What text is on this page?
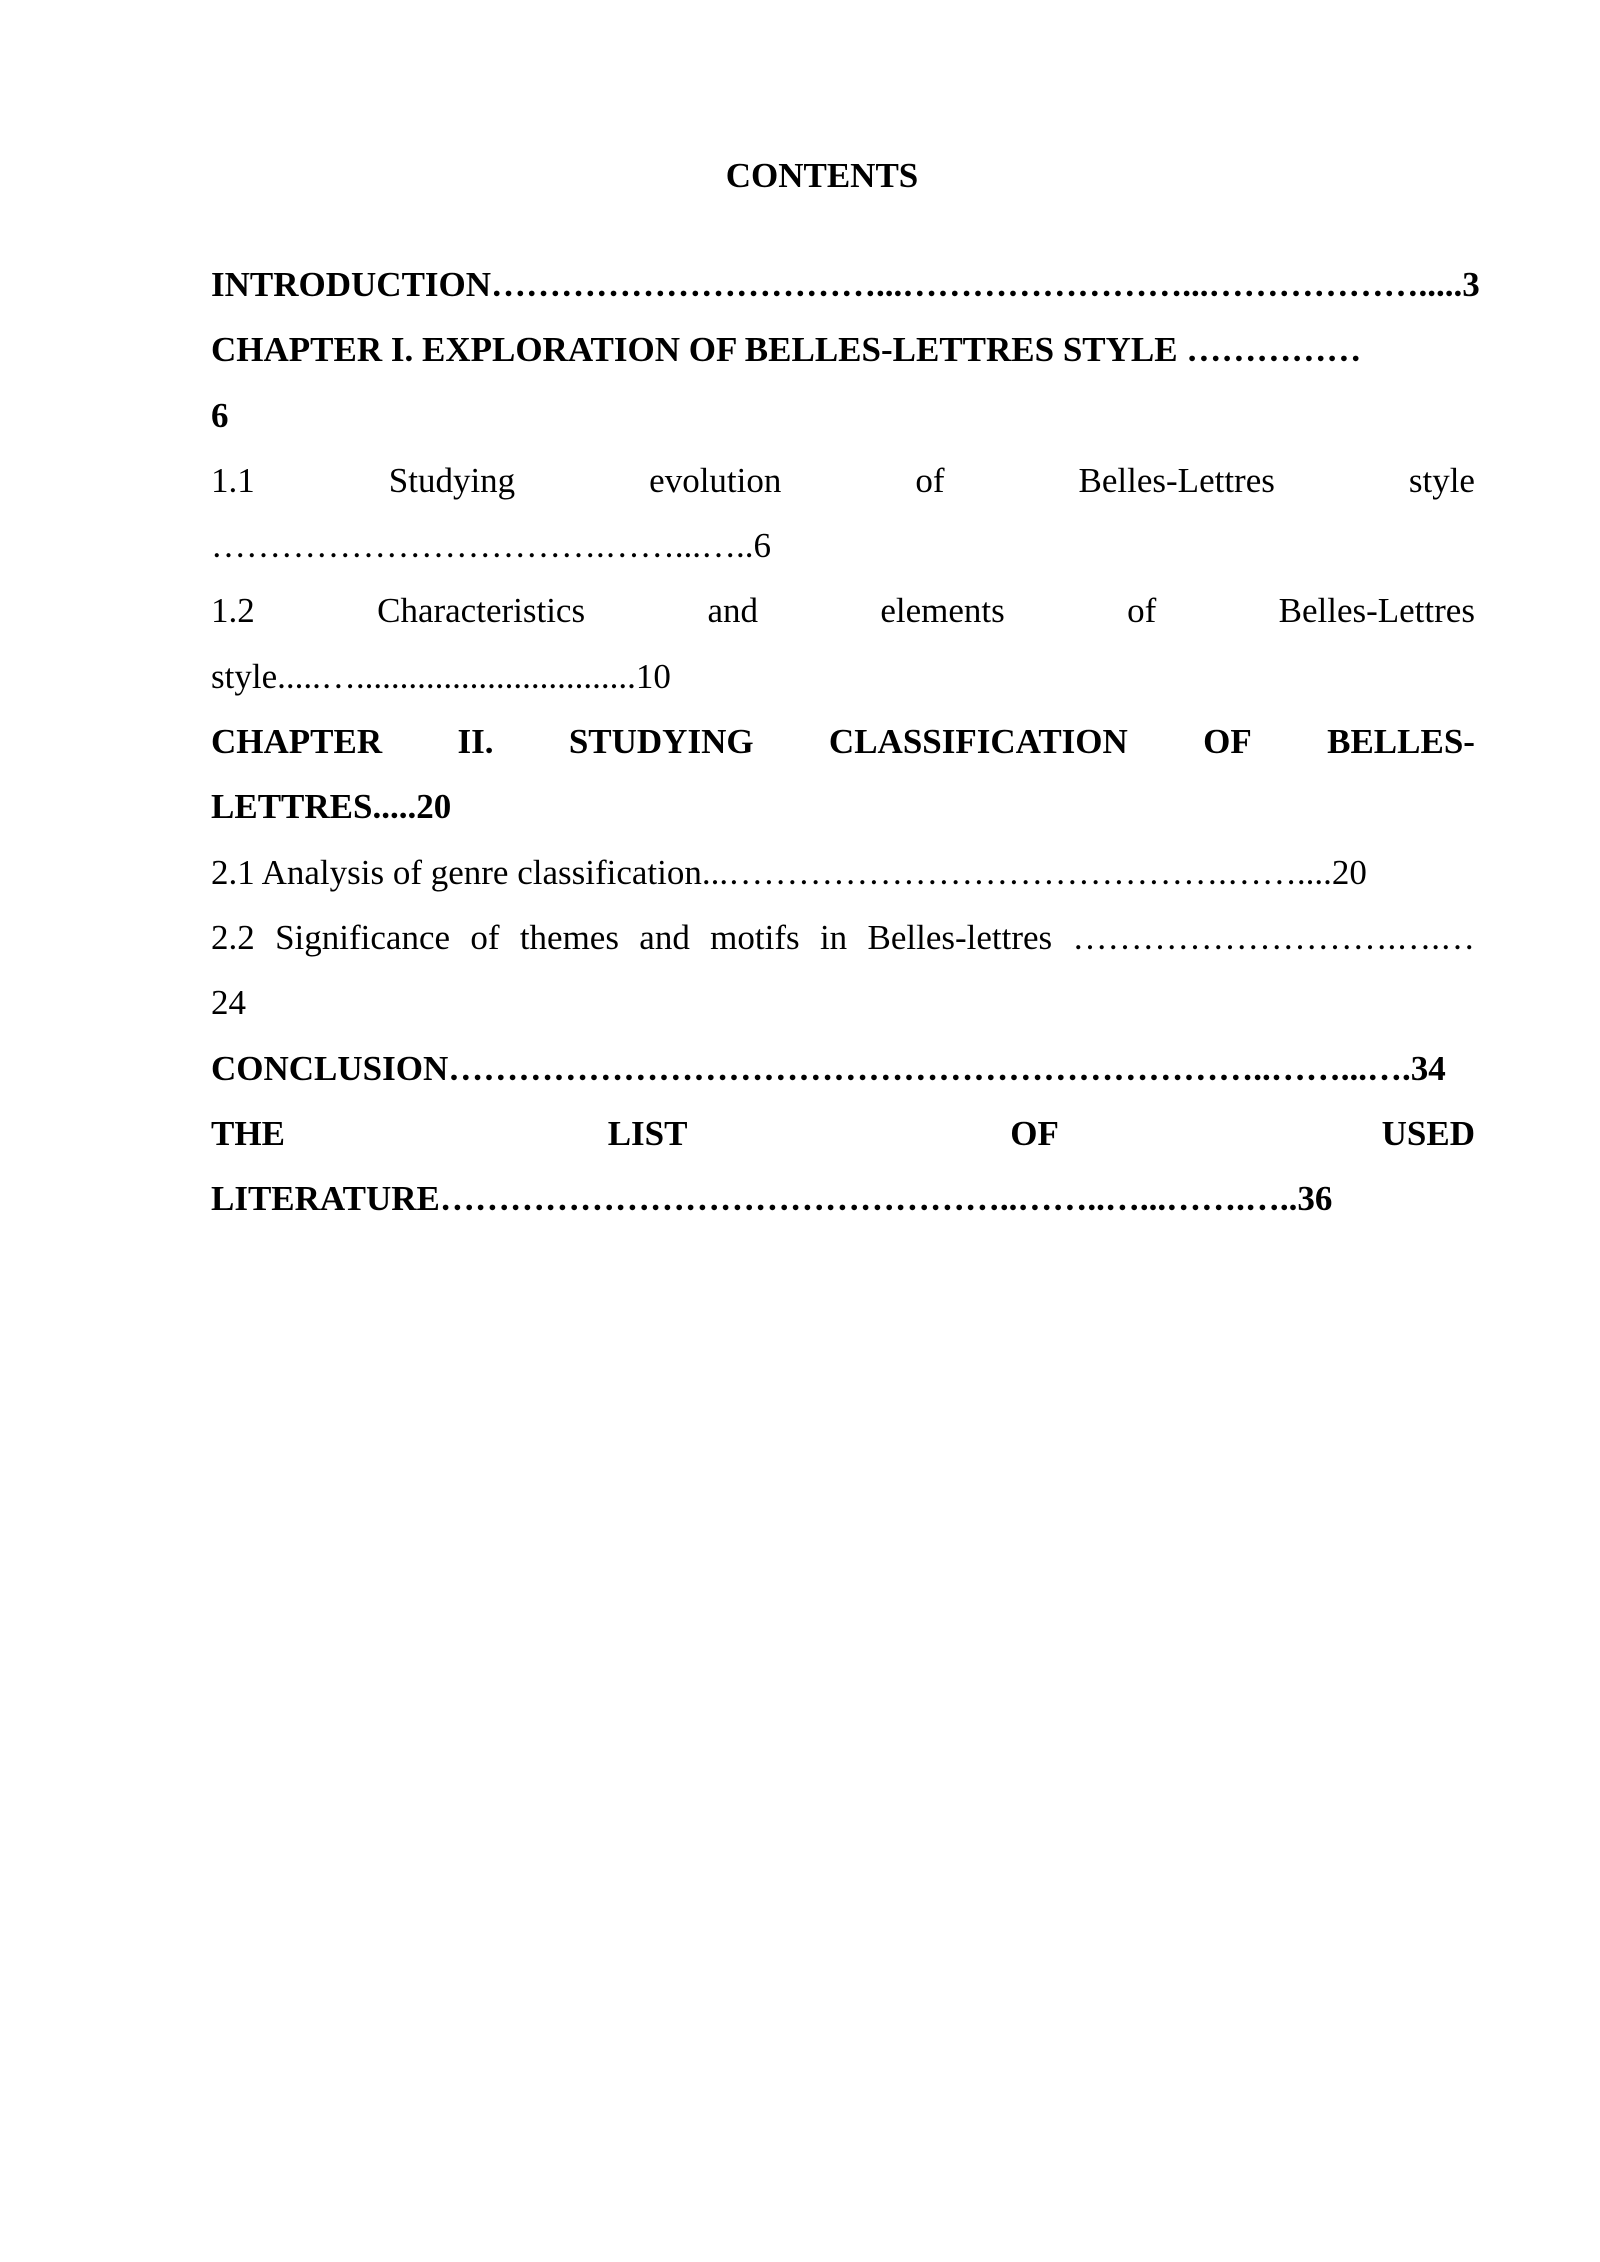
CONTENTS
INTRODUCTION……………………………...……………………...……………….....3
CHAPTER I. EXPLORATION OF BELLES-LETTRES STYLE ……………
6
1.1	Studying	evolution	of	Belles-Lettres	style
…………………………….……...…..6
1.2	Characteristics	and	elements	of	Belles-Lettres
style.....…................................10
CHAPTER II. STUDYING CLASSIFICATION OF BELLES-
LETTRES.....20
2.1 Analysis of genre classification...…………………………………….……....20
2.2 Significance of themes and motifs in Belles-lettres ……………………….….…
24
CONCLUSION……………………………………………………………..……...….34
THE	LIST	OF	USED
LITERATURE…………………………………………..……..…...…….…..36
